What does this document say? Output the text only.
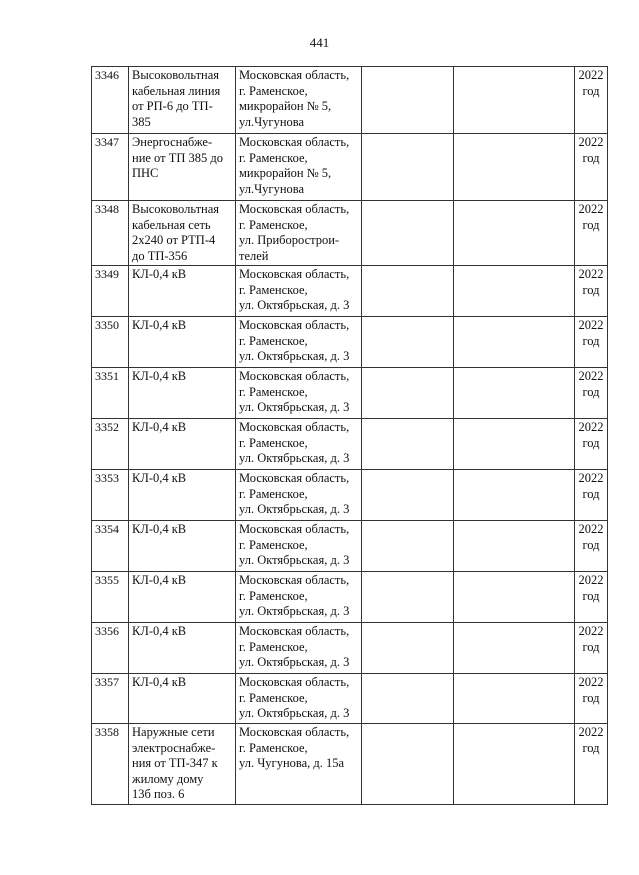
441
3346	Высоковольтная
кабельная линия
от РП-6 до ТП-
385	Московская область,
г. Раменское,
микрорайон № 5,
ул.Чугунова			2022
год

3347	Энергоснабже-
ние от ТП 385 до
ПНС	Московская область,
г. Раменское,
микрорайон № 5,
ул.Чугунова			2022
год

3348	Высоковольтная
кабельная сеть
2х240 от РТП-4
до ТП-356	Московская область,
г. Раменское,
ул. Приборострои-
телей			2022
год

3349	КЛ-0,4 кВ	Московская область,
г. Раменское,
ул. Октябрьская, д. 3			2022
год

3350	КЛ-0,4 кВ	Московская область,
г. Раменское,
ул. Октябрьская, д. 3			2022
год

3351	КЛ-0,4 кВ	Московская область,
г. Раменское,
ул. Октябрьская, д. 3			2022
год

3352	КЛ-0,4 кВ	Московская область,
г. Раменское,
ул. Октябрьская, д. 3			2022
год

3353	КЛ-0,4 кВ	Московская область,
г. Раменское,
ул. Октябрьская, д. 3			2022
год

3354	КЛ-0,4 кВ	Московская область,
г. Раменское,
ул. Октябрьская, д. 3			2022
год

3355	КЛ-0,4 кВ	Московская область,
г. Раменское,
ул. Октябрьская, д. 3			2022
год

3356	КЛ-0,4 кВ	Московская область,
г. Раменское,
ул. Октябрьская, д. 3			2022
год

3357	КЛ-0,4 кВ	Московская область,
г. Раменское,
ул. Октябрьская, д. 3			2022
год

3358	Наружные сети
электроснабже-
ния от ТП-347 к
жилому дому
13б поз. 6	Московская область,
г. Раменское,
ул. Чугунова, д. 15а			2022
год
